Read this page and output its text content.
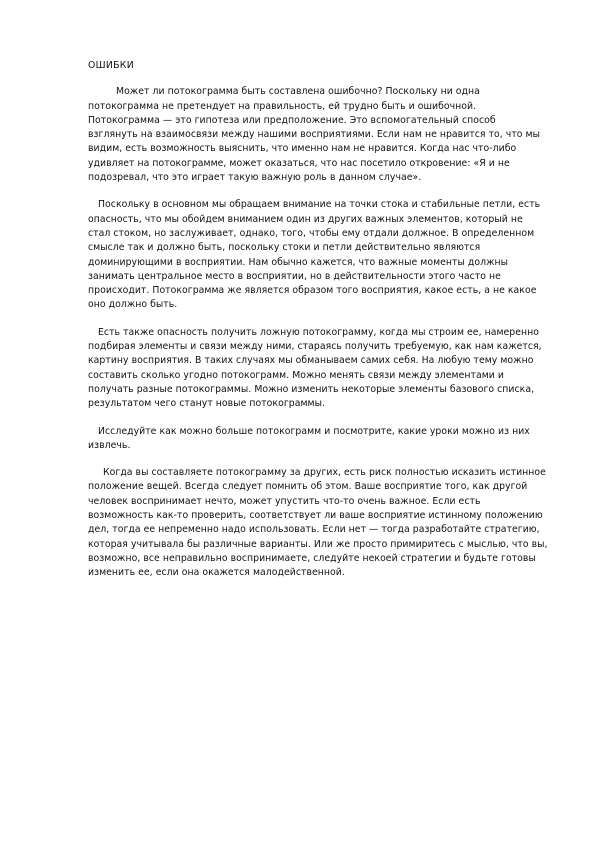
ОШИБКИ

Может ли потокограмма быть составлена ошибочно? Поскольку ни одна потокограмма не претендует на правильность, ей трудно быть и ошибочной. Потокограмма — это гипотеза или предположение. Это вспомогательный способ взглянуть на взаимосвязи между нашими восприятиями. Если нам не нравится то, что мы видим, есть возможность выяснить, что именно нам не нравится. Когда нас что-либо удивляет на потокограмме, может оказаться, что нас посетило откровение: «Я и не подозревал, что это играет такую важную роль в данном случае».

Поскольку в основном мы обращаем внимание на точки стока и стабильные петли, есть опасность, что мы обойдем вниманием один из других важных элементов, который не стал стоком, но заслуживает, однако, того, чтобы ему отдали должное. В определенном смысле так и должно быть, поскольку стоки и петли действительно являются доминирующими в восприятии. Нам обычно кажется, что важные моменты должны занимать центральное место в восприятии, но в действительности этого часто не происходит. Потокограмма же является образом того восприятия, какое есть, а не какое оно должно быть.

Есть также опасность получить ложную потокограмму, когда мы строим ее, намеренно подбирая элементы и связи между ними, стараясь получить требуемую, как нам кажется, картину восприятия. В таких случаях мы обманываем самих себя. На любую тему можно составить сколько угодно потокограмм. Можно менять связи между элементами и получать разные потокограммы. Можно изменить некоторые элементы базового списка, результатом чего станут новые потокограммы.

Исследуйте как можно больше потокограмм и посмотрите, какие уроки можно из них извлечь.

Когда вы составляете потокограмму за других, есть риск полностью исказить истинное положение вещей. Всегда следует помнить об этом. Ваше восприятие того, как другой человек воспринимает нечто, может упустить что-то очень важное. Если есть возможность как-то проверить, соответствует ли ваше восприятие истинному положению дел, тогда ее непременно надо использовать. Если нет — тогда разработайте стратегию, которая учитывала бы различные варианты. Или же просто примиритесь с мыслью, что вы, возможно, все неправильно воспринимаете, следуйте некоей стратегии и будьте готовы изменить ее, если она окажется малодейственной.
